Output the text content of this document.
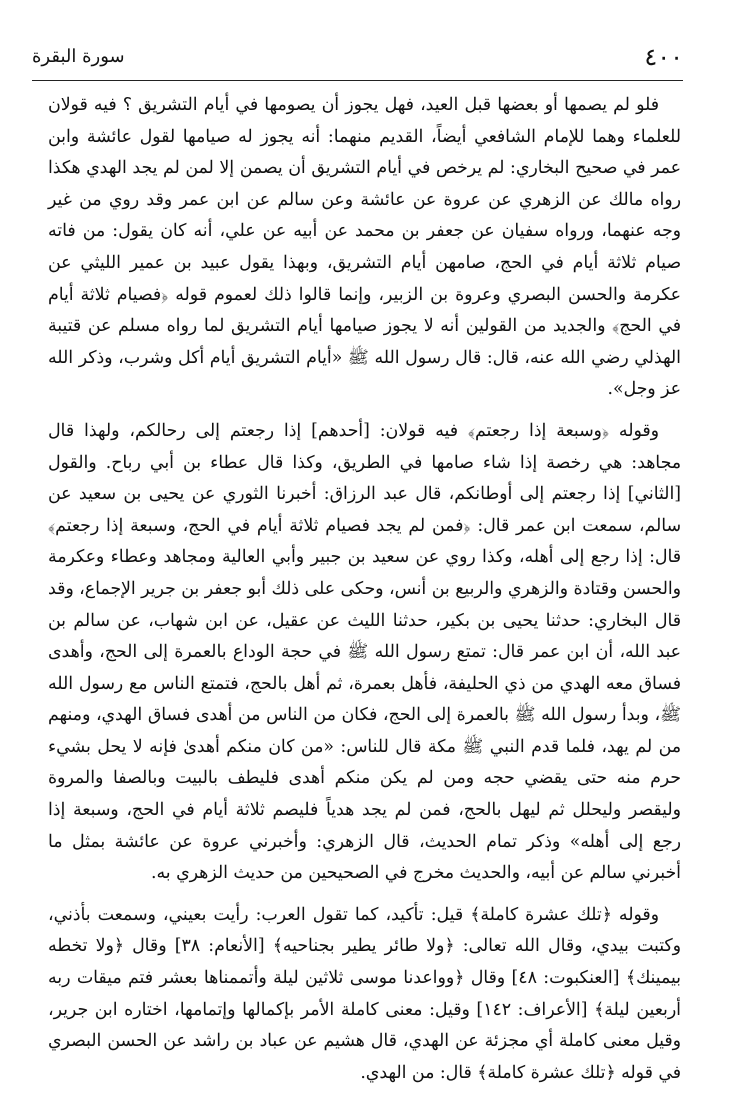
٤٠٠
سورة البقرة

فلو لم يصمها أو بعضها قبل العيد، فهل يجوز أن يصومها في أيام التشريق ؟ فيه قولان للعلماء وهما للإمام الشافعي أيضاً، القديم منهما: أنه يجوز له صيامها لقول عائشة وابن عمر في صحيح البخاري: لم يرخص في أيام التشريق أن يصمن إلا لمن لم يجد الهدي هكذا رواه مالك عن الزهري عن عروة عن عائشة وعن سالم عن ابن عمر وقد روي من غير وجه عنهما، ورواه سفيان عن جعفر بن محمد عن أبيه عن علي، أنه كان يقول: من فاته صيام ثلاثة أيام في الحج، صامهن أيام التشريق، وبهذا يقول عبيد بن عمير الليثي عن عكرمة والحسن البصري وعروة بن الزبير، وإنما قالوا ذلك لعموم قوله ﴿فصيام ثلاثة أيام في الحج﴾ والجديد من القولين أنه لا يجوز صيامها أيام التشريق لما رواه مسلم عن قتيبة الهذلي رضي الله عنه، قال: قال رسول الله ﷺ «أيام التشريق أيام أكل وشرب، وذكر الله عز وجل».

وقوله ﴿وسبعة إذا رجعتم﴾ فيه قولان: [أحدهم] إذا رجعتم إلى رحالكم، ولهذا قال مجاهد: هي رخصة إذا شاء صامها في الطريق، وكذا قال عطاء بن أبي رباح. والقول [الثاني] إذا رجعتم إلى أوطانكم، قال عبد الرزاق: أخبرنا الثوري عن يحيى بن سعيد عن سالم، سمعت ابن عمر قال: ﴿فمن لم يجد فصيام ثلاثة أيام في الحج، وسبعة إذا رجعتم﴾ قال: إذا رجع إلى أهله، وكذا روي عن سعيد بن جبير وأبي العالية ومجاهد وعطاء وعكرمة والحسن وقتادة والزهري والربيع بن أنس، وحكى على ذلك أبو جعفر بن جرير الإجماع، وقد قال البخاري: حدثنا يحيى بن بكير، حدثنا الليث عن عقيل، عن ابن شهاب، عن سالم بن عبد الله، أن ابن عمر قال: تمتع رسول الله ﷺ في حجة الوداع بالعمرة إلى الحج، وأهدى فساق معه الهدي من ذي الحليفة، فأهل بعمرة، ثم أهل بالحج، فتمتع الناس مع رسول الله ﷺ، وبدأ رسول الله ﷺ بالعمرة إلى الحج، فكان من الناس من أهدى فساق الهدي، ومنهم من لم يهد، فلما قدم النبي ﷺ مكة قال للناس: «من كان منكم أهدىٰ فإنه لا يحل بشيء حرم منه حتى يقضي حجه ومن لم يكن منكم أهدى فليطف بالبيت وبالصفا والمروة وليقصر وليحلل ثم ليهل بالحج، فمن لم يجد هدياً فليصم ثلاثة أيام في الحج، وسبعة إذا رجع إلى أهله» وذكر تمام الحديث، قال الزهري: وأخبرني عروة عن عائشة بمثل ما أخبرني سالم عن أبيه، والحديث مخرج في الصحيحين من حديث الزهري به.

وقوله ﴿تلك عشرة كاملة﴾ قيل: تأكيد، كما تقول العرب: رأيت بعيني، وسمعت بأذني، وكتبت بيدي، وقال الله تعالى: ﴿ولا طائر يطير بجناحيه﴾ [الأنعام: ٣٨] وقال ﴿ولا تخطه بيمينك﴾ [العنكبوت: ٤٨] وقال ﴿وواعدنا موسى ثلاثين ليلة وأتممناها بعشر فتم ميقات ربه أربعين ليلة﴾ [الأعراف: ١٤٢] وقيل: معنى كاملة الأمر بإكمالها وإتمامها، اختاره ابن جرير، وقيل معنى كاملة أي مجزئة عن الهدي، قال هشيم عن عباد بن راشد عن الحسن البصري في قوله ﴿تلك عشرة كاملة﴾ قال: من الهدي.
